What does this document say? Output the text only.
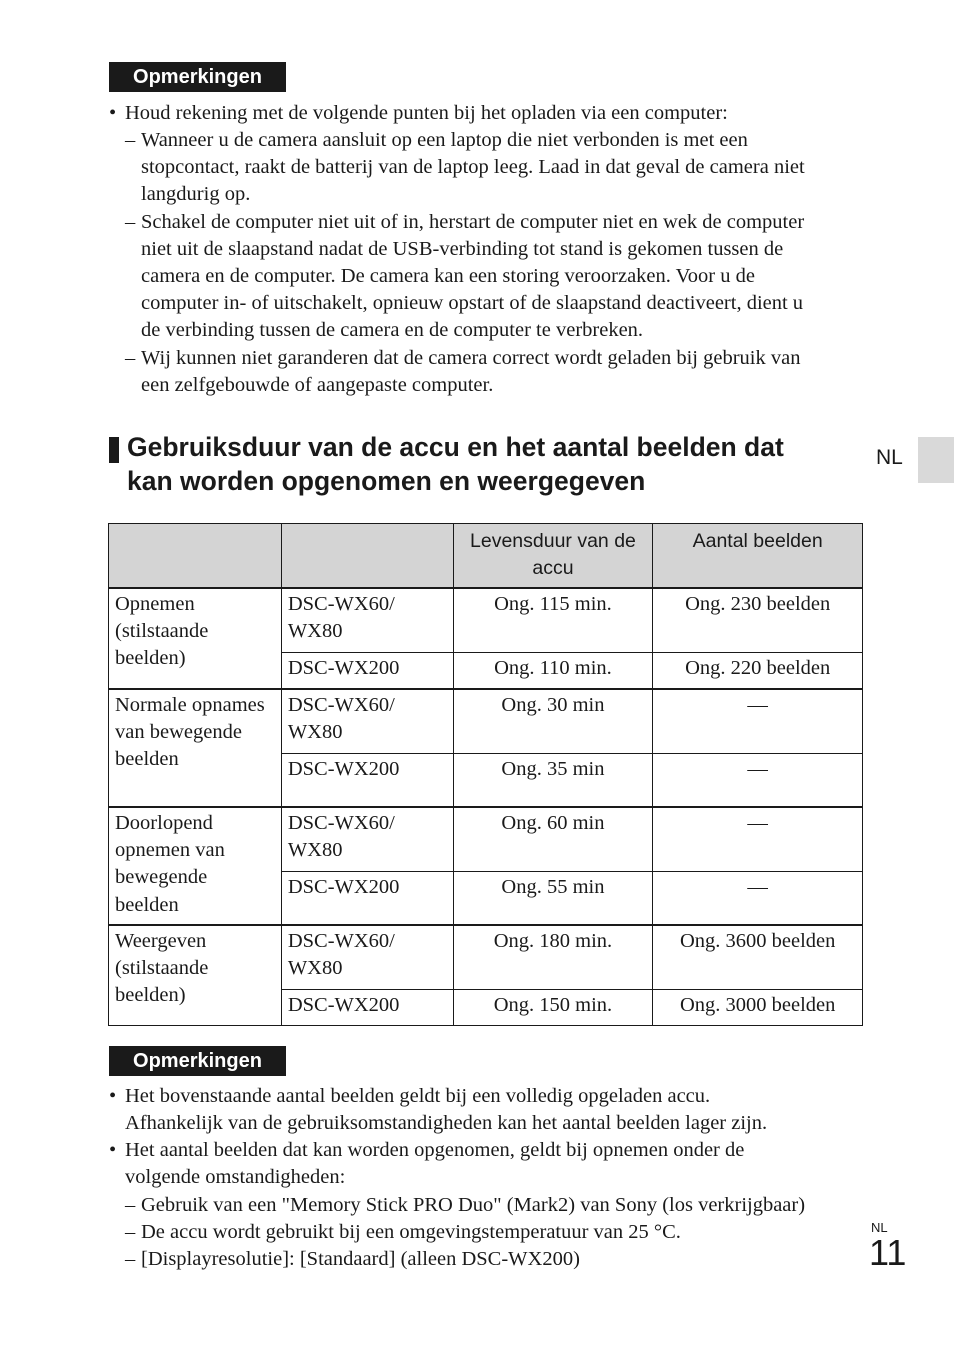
Opmerkingen
• Houd rekening met de volgende punten bij het opladen via een computer:
– Wanneer u de camera aansluit op een laptop die niet verbonden is met een
stopcontact, raakt de batterij van de laptop leeg. Laad in dat geval de camera niet
langdurig op.
– Schakel de computer niet uit of in, herstart de computer niet en wek de computer
niet uit de slaapstand nadat de USB-verbinding tot stand is gekomen tussen de
camera en de computer. De camera kan een storing veroorzaken. Voor u de
computer in- of uitschakelt, opnieuw opstart of de slaapstand deactiveert, dient u
de verbinding tussen de camera en de computer te verbreken.
– Wij kunnen niet garanderen dat de camera correct wordt geladen bij gebruik van
een zelfgebouwde of aangepaste computer.
Gebruiksduur van de accu en het aantal beelden dat
kan worden opgenomen en weergegeven
NL
		Levensduur van de accu	Aantal beelden
Opnemen (stilstaande beelden)	DSC-WX60/ WX80	Ong. 115 min.	Ong. 230 beelden
	DSC-WX200	Ong. 110 min.	Ong. 220 beelden
Normale opnames van bewegende beelden	DSC-WX60/ WX80	Ong. 30 min	—
	DSC-WX200	Ong. 35 min	—
Doorlopend opnemen van bewegende beelden	DSC-WX60/ WX80	Ong. 60 min	—
	DSC-WX200	Ong. 55 min	—
Weergeven (stilstaande beelden)	DSC-WX60/ WX80	Ong. 180 min.	Ong. 3600 beelden
	DSC-WX200	Ong. 150 min.	Ong. 3000 beelden
Opmerkingen
• Het bovenstaande aantal beelden geldt bij een volledig opgeladen accu.
Afhankelijk van de gebruiksomstandigheden kan het aantal beelden lager zijn.
• Het aantal beelden dat kan worden opgenomen, geldt bij opnemen onder de
volgende omstandigheden:
– Gebruik van een "Memory Stick PRO Duo" (Mark2) van Sony (los verkrijgbaar)
– De accu wordt gebruikt bij een omgevingstemperatuur van 25 °C.
– [Displayresolutie]: [Standaard] (alleen DSC-WX200)
NL
11
